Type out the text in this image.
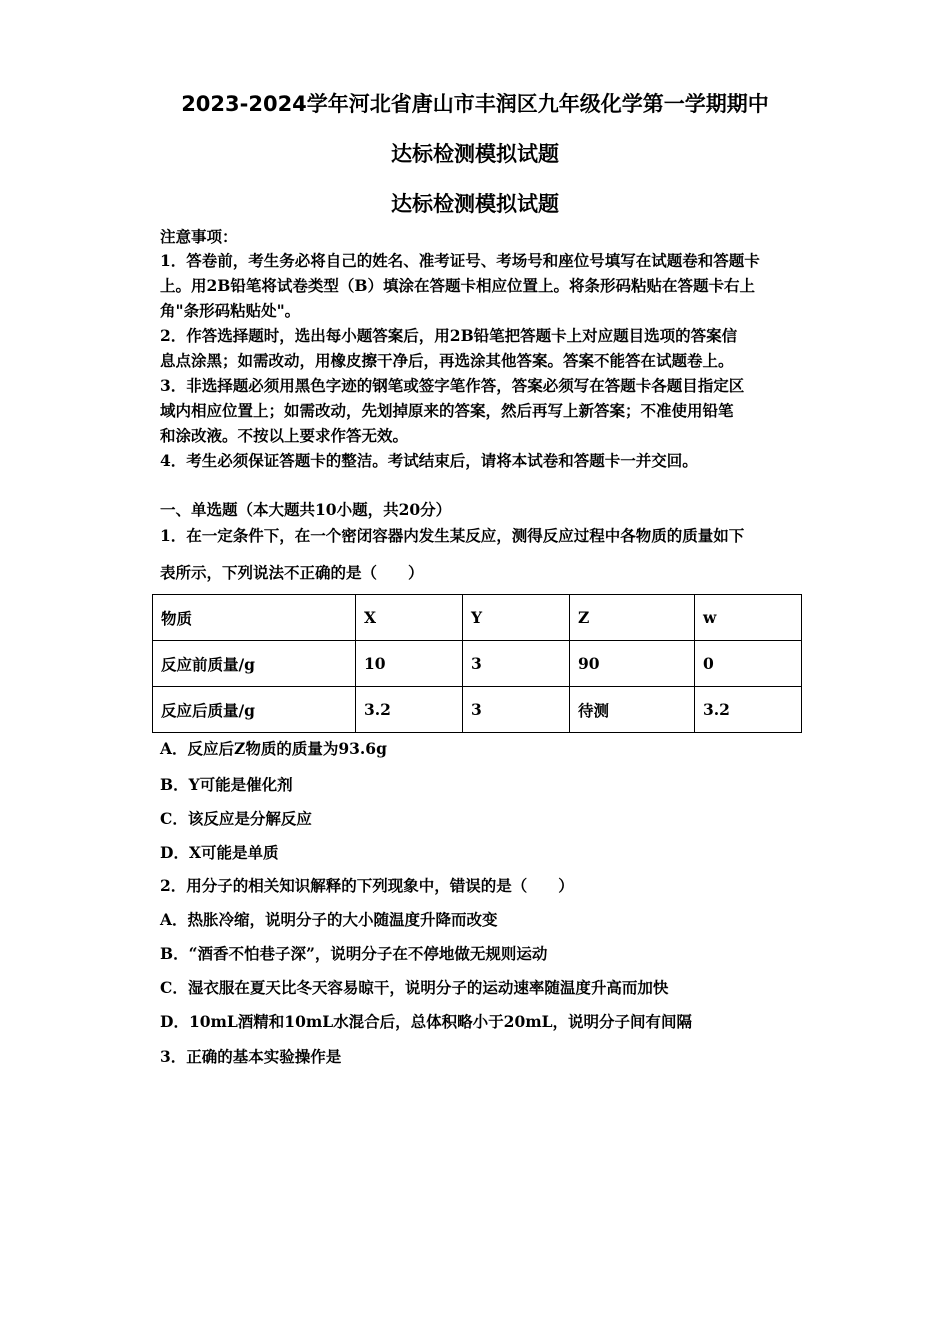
2023-2024学年河北省唐山市丰润区九年级化学第一学期期中
达标检测模拟试题
达标检测模拟试题
注意事项：
1．答卷前，考生务必将自己的姓名、准考证号、考场号和座位号填写在试题卷和答题卡
上。用2B铅笔将试卷类型（B）填涂在答题卡相应位置上。将条形码粘贴在答题卡右上
角"条形码粘贴处"。
2．作答选择题时，选出每小题答案后，用2B铅笔把答题卡上对应题目选项的答案信
息点涂黑；如需改动，用橡皮擦干净后，再选涂其他答案。答案不能答在试题卷上。
3．非选择题必须用黑色字迹的钢笔或签字笔作答，答案必须写在答题卡各题目指定区
域内相应位置上；如需改动，先划掉原来的答案，然后再写上新答案；不准使用铅笔
和涂改液。不按以上要求作答无效。
4．考生必须保证答题卡的整洁。考试结束后，请将本试卷和答题卡一并交回。
一、单选题（本大题共10小题，共20分）
1．在一定条件下，在一个密闭容器内发生某反应，测得反应过程中各物质的质量如下
表所示，下列说法不正确的是（　　）
物质	X	Y	Z	w
反应前质量/g	10	3	90	0
反应后质量/g	3.2	3	待测	3.2
A．反应后Z物质的质量为93.6g
B．Y可能是催化剂
C．该反应是分解反应
D．X可能是单质
2．用分子的相关知识解释的下列现象中，错误的是（　　）
A．热胀冷缩，说明分子的大小随温度升降而改变
B．“酒香不怕巷子深”，说明分子在不停地做无规则运动
C．湿衣服在夏天比冬天容易晾干，说明分子的运动速率随温度升高而加快
D．10mL酒精和10mL水混合后，总体积略小于20mL，说明分子间有间隔
3．正确的基本实验操作是
